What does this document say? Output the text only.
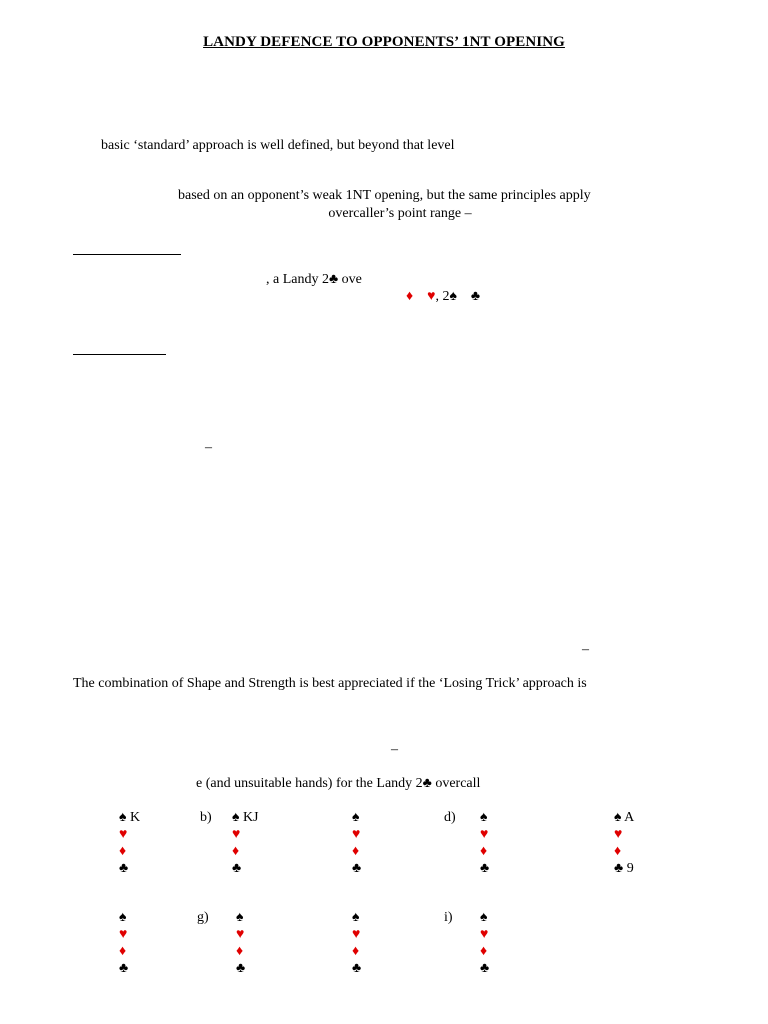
LANDY DEFENCE TO OPPONENTS’ 1NT OPENING
basic ‘standard’ approach is well defined, but beyond that level
based on an opponent’s weak 1NT opening, but the same principles apply
overcaller’s point range –
, a Landy 2♣ ove
♦ ♥, 2♠ ♣
–
–
The combination of Shape and Strength is best appreciated if the ‘Losing Trick’ approach is
–
e (and unsuitable hands) for the Landy 2♣ overcall
♠ K
♥
♦
♣
b) ♠ KJ
♥
♦
♣
♠
♥
♦
♣
d) ♠
♥
♦
♣
♠ A
♥
♦
♣ 9
♠
♥
♦
♣
g) ♠
♥
♦
♣
♠
♥
♦
♣
i) ♠
♥
♦
♣
